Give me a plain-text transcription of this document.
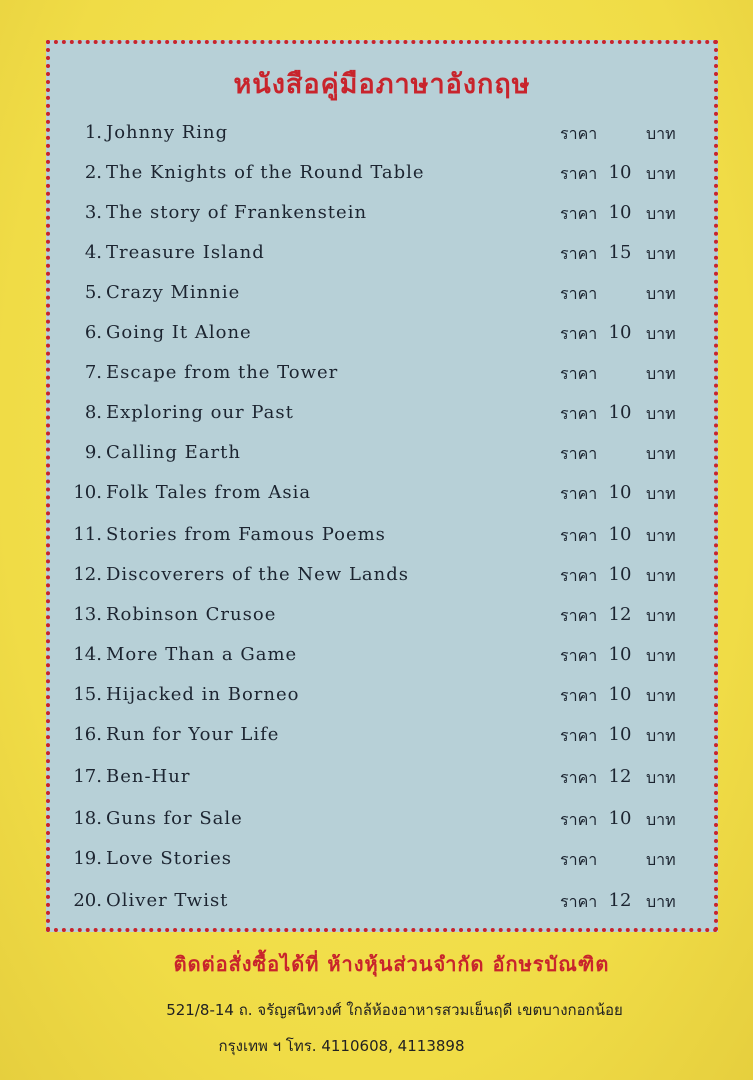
หนังสือคู่มือภาษาอังกฤษ
1. Johnny Ring	ราคา	บาท
2. The Knights of the Round Table	ราคา 10 บาท
3. The story of Frankenstein	ราคา 10 บาท
4. Treasure Island	ราคา 15 บาท
5. Crazy Minnie	ราคา	บาท
6. Going It Alone	ราคา 10 บาท
7. Escape from the Tower	ราคา	บาท
8. Exploring our Past	ราคา 10 บาท
9. Calling Earth	ราคา	บาท
10. Folk Tales from Asia	ราคา 10 บาท
11. Stories from Famous Poems	ราคา 10 บาท
12. Discoverers of the New Lands	ราคา 10 บาท
13. Robinson Crusoe	ราคา 12 บาท
14. More Than a Game	ราคา 10 บาท
15. Hijacked in Borneo	ราคา 10 บาท
16. Run for Your Life	ราคา 10 บาท
17. Ben-Hur	ราคา 12 บาท
18. Guns for Sale	ราคา 10 บาท
19. Love Stories	ราคา	บาท
20. Oliver Twist	ราคา 12 บาท
ติดต่อสั่งซื้อได้ที่ ห้างหุ้นส่วนจำกัด อักษรบัณฑิต
521/8-14 ถ. จรัญสนิทวงศ์ ใกล้ห้องอาหารสวมเย็นฤดี เขตบางกอกน้อย
กรุงเทพ ฯ โทร. 4110608, 4113898
